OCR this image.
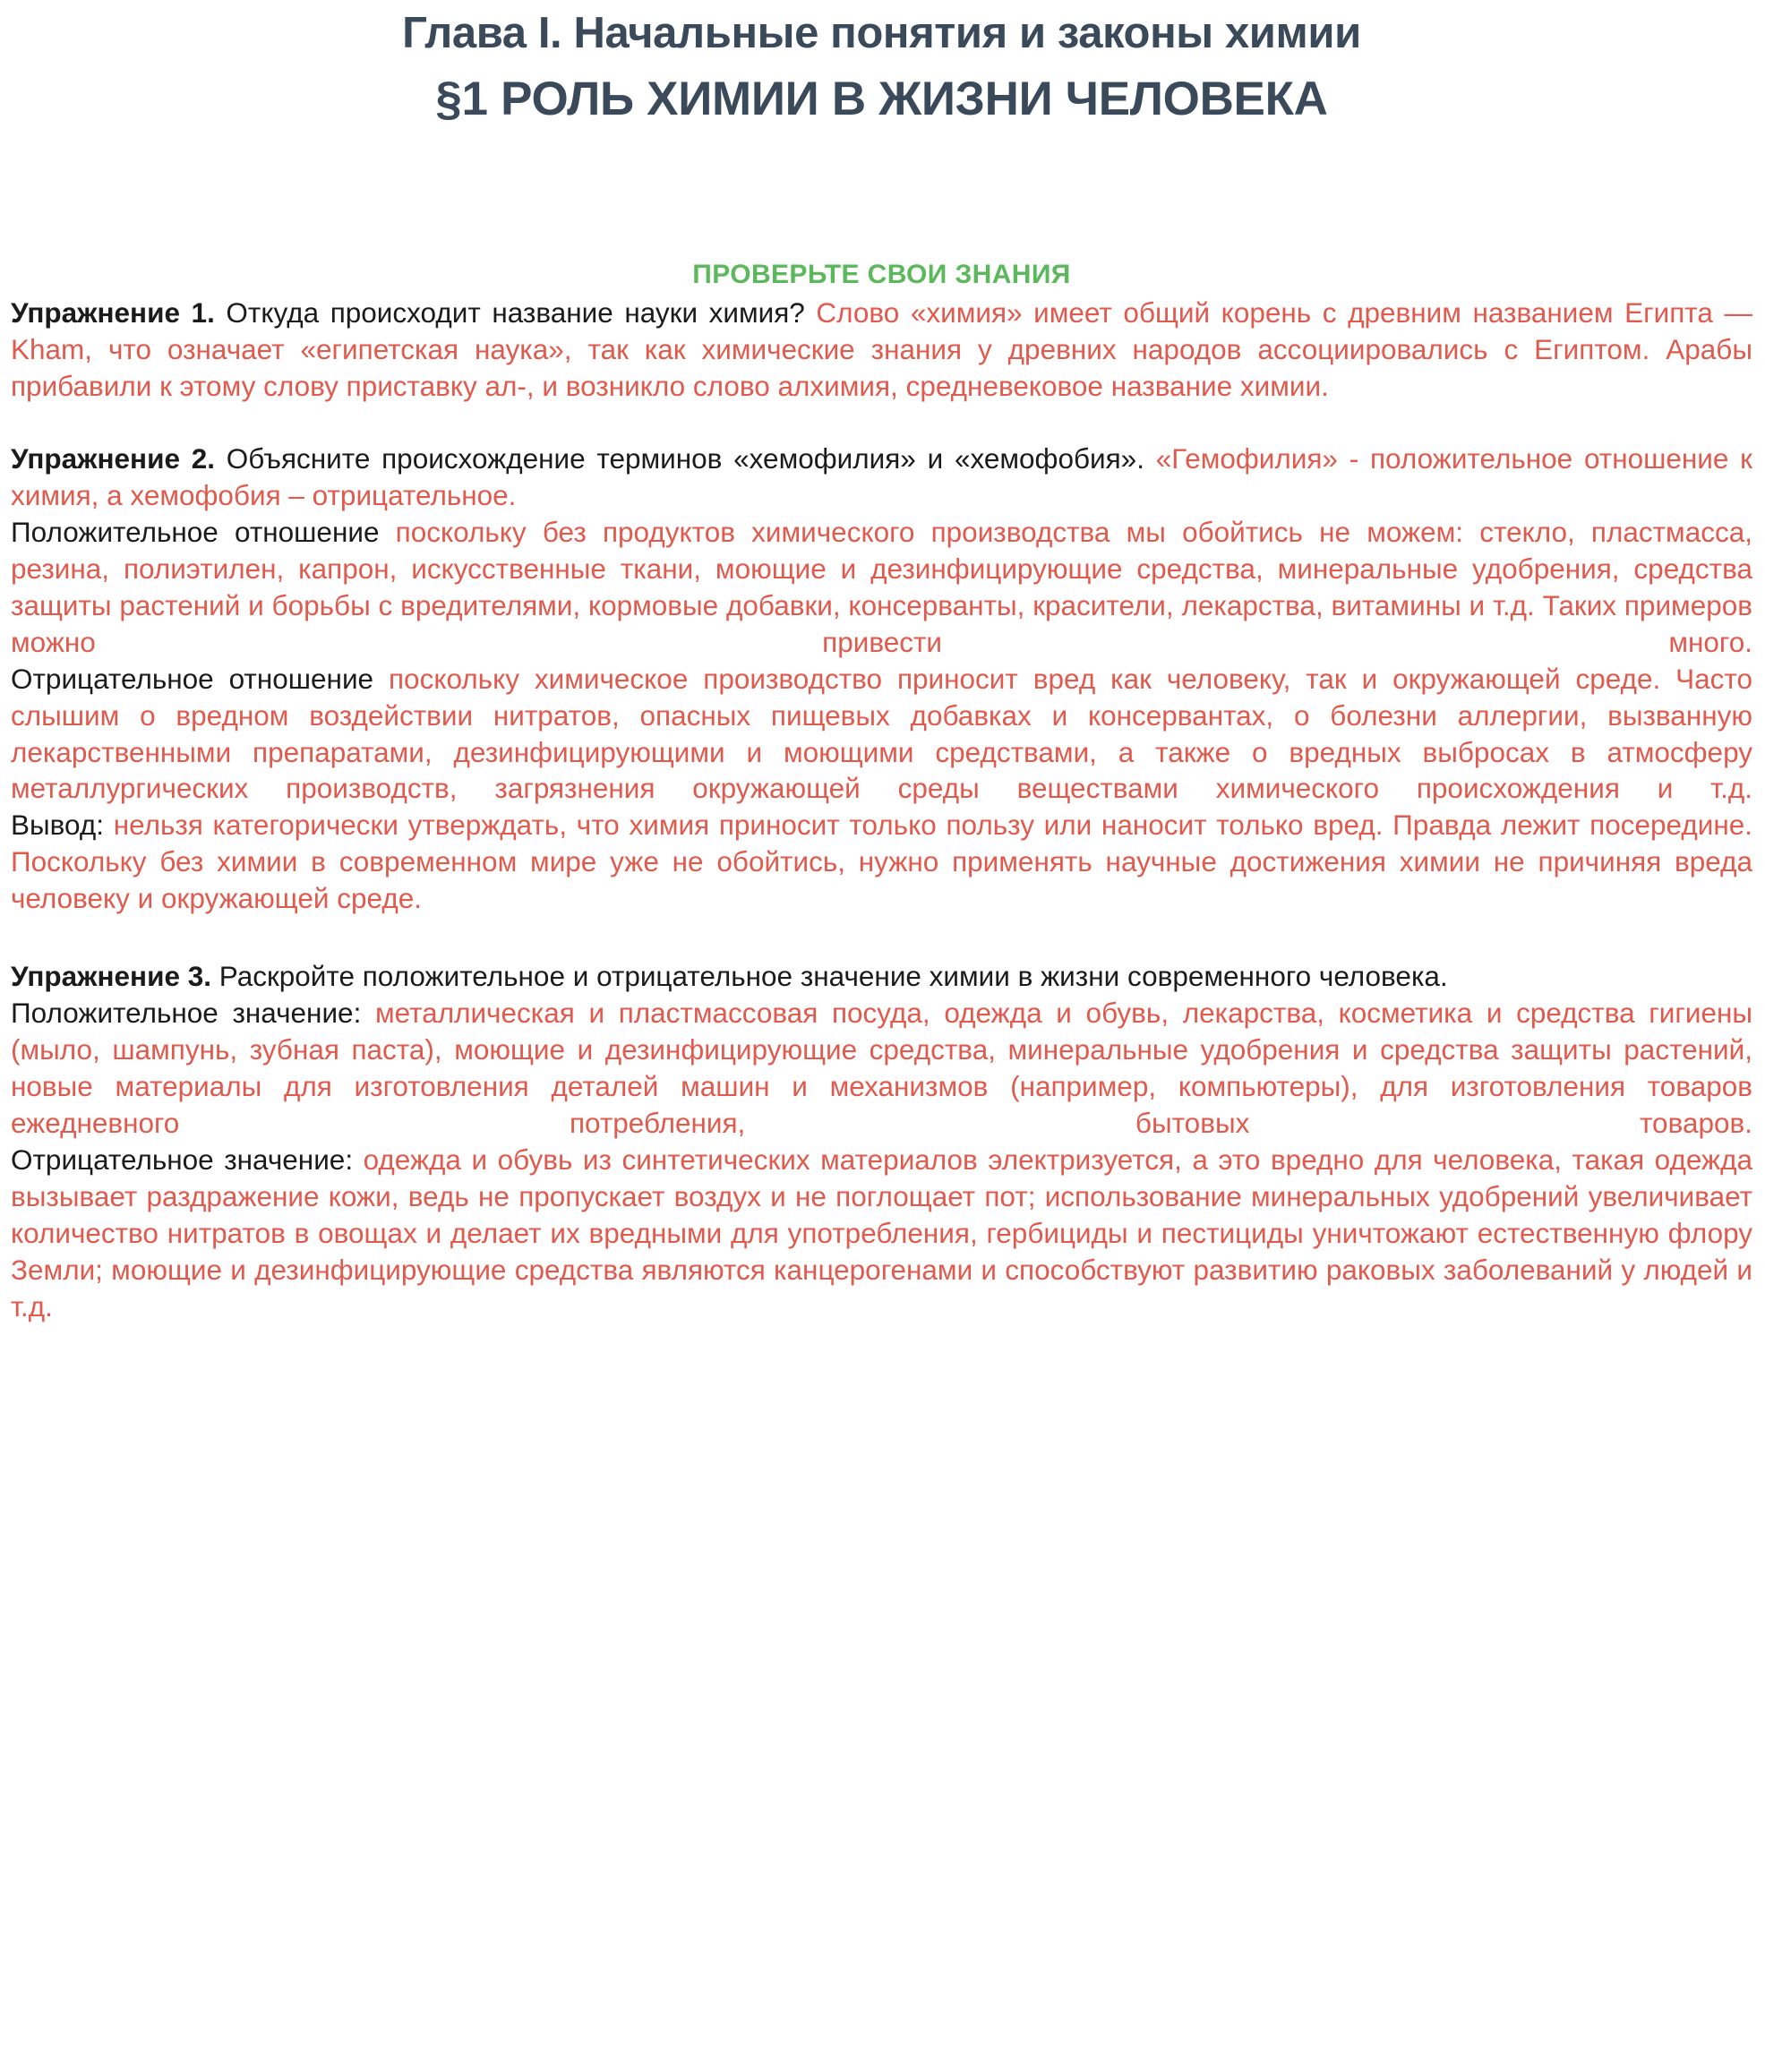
Глава I. Начальные понятия и законы химии
§1 РОЛЬ ХИМИИ В ЖИЗНИ ЧЕЛОВЕКА
ПРОВЕРЬТЕ СВОИ ЗНАНИЯ

Упражнение 1. Откуда происходит название науки химия? Слово «химия» имеет общий корень с древним названием Египта — Kham, что означает «египетская наука», так как химические знания у древних народов ассоциировались с Египтом. Арабы прибавили к этому слову приставку ал-, и возникло слово алхимия, средневековое название химии.

Упражнение 2. Объясните происхождение терминов «хемофилия» и «хемофобия». «Гемофилия» - положительное отношение к химия, а хемофобия – отрицательное.

Положительное отношение поскольку без продуктов химического производства мы обойтись не можем: стекло, пластмасса, резина, полиэтилен, капрон, искусственные ткани, моющие и дезинфицирующие средства, минеральные удобрения, средства защиты растений и борьбы с вредителями, кормовые добавки, консерванты, красители, лекарства, витамины и т.д. Таких примеров можно привести много.

Отрицательное отношение поскольку химическое производство приносит вред как человеку, так и окружающей среде. Часто слышим о вредном воздействии нитратов, опасных пищевых добавках и консервантах, о болезни аллергии, вызванную лекарственными препаратами, дезинфицирующими и моющими средствами, а также о вредных выбросах в атмосферу металлургических производств, загрязнения окружающей среды веществами химического происхождения и т.д.

Вывод: нельзя категорически утверждать, что химия приносит только пользу или наносит только вред. Правда лежит посередине. Поскольку без химии в современном мире уже не обойтись, нужно применять научные достижения химии не причиняя вреда человеку и окружающей среде.

Упражнение 3. Раскройте положительное и отрицательное значение химии в жизни современного человека.

Положительное значение: металлическая и пластмассовая посуда, одежда и обувь, лекарства, косметика и средства гигиены (мыло, шампунь, зубная паста), моющие и дезинфицирующие средства, минеральные удобрения и средства защиты растений, новые материалы для изготовления деталей машин и механизмов (например, компьютеры), для изготовления товаров ежедневного потребления, бытовых товаров.

Отрицательное значение: одежда и обувь из синтетических материалов электризуется, а это вредно для человека, такая одежда вызывает раздражение кожи, ведь не пропускает воздух и не поглощает пот; использование минеральных удобрений увеличивает количество нитратов в овощах и делает их вредными для употребления, гербициды и пестициды уничтожают естественную флору Земли; моющие и дезинфицирующие средства являются канцерогенами и способствуют развитию раковых заболеваний у людей и т.д.
